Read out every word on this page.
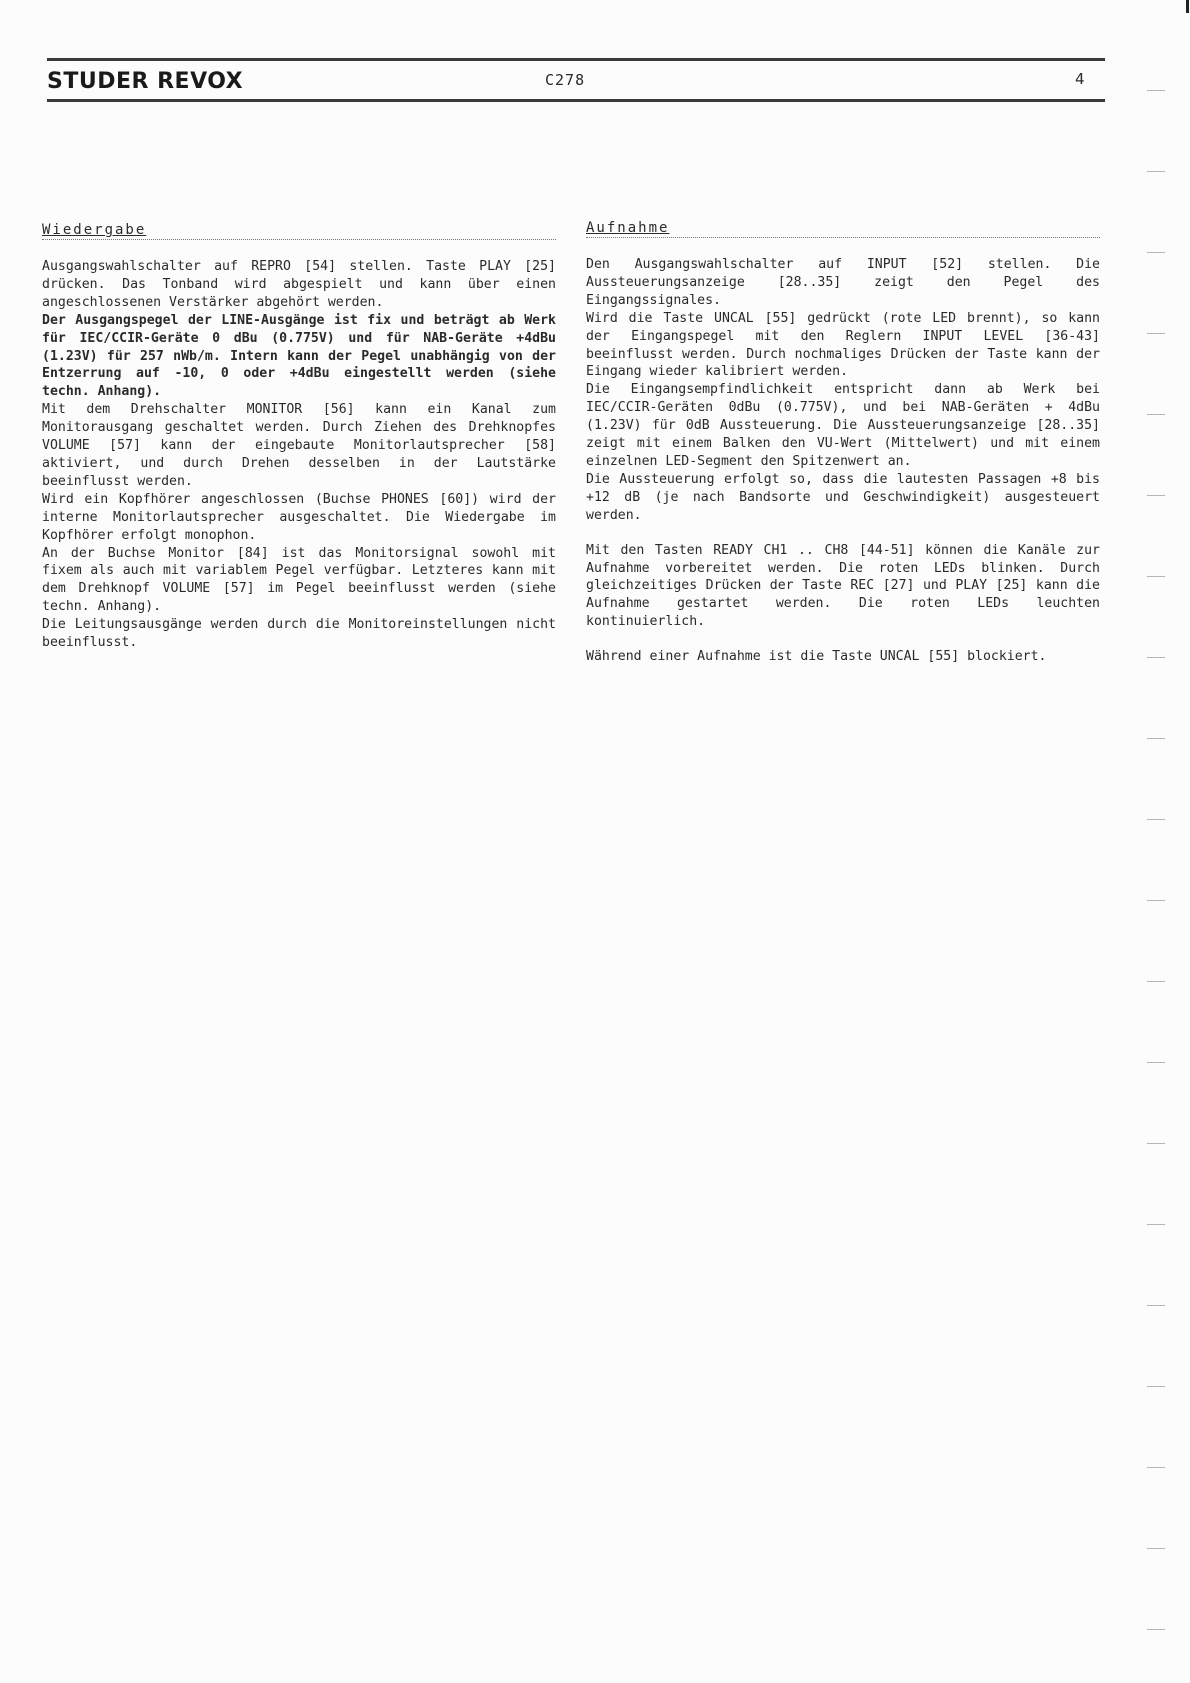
STUDER REVOX	C278	4
Wiedergabe

Ausgangswahlschalter auf REPRO [54] stellen. Taste PLAY [25] drücken. Das Tonband wird abgespielt und kann über einen angeschlossenen Verstärker abgehört werden.

Der Ausgangspegel der LINE-Ausgänge ist fix und beträgt ab Werk für IEC/CCIR-Geräte 0 dBu (0.775V) und für NAB-Geräte +4dBu (1.23V) für 257 nWb/m. Intern kann der Pegel unabhängig von der Entzerrung auf -10, 0 oder +4dBu eingestellt werden (siehe techn. Anhang).

Mit dem Drehschalter MONITOR [56] kann ein Kanal zum Monitorausgang geschaltet werden. Durch Ziehen des Drehknopfes VOLUME [57] kann der eingebaute Monitorlautsprecher [58] aktiviert, und durch Drehen desselben in der Lautstärke beeinflusst werden.

Wird ein Kopfhörer angeschlossen (Buchse PHONES [60]) wird der interne Monitorlautsprecher ausgeschaltet. Die Wiedergabe im Kopfhörer erfolgt monophon.

An der Buchse Monitor [84] ist das Monitorsignal sowohl mit fixem als auch mit variablem Pegel verfügbar. Letzteres kann mit dem Drehknopf VOLUME [57] im Pegel beeinflusst werden (siehe techn. Anhang).

Die Leitungsausgänge werden durch die Monitoreinstellungen nicht beeinflusst.

Aufnahme

Den Ausgangswahlschalter auf INPUT [52] stellen. Die Aussteuerungsanzeige [28..35] zeigt den Pegel des Eingangssignales.

Wird die Taste UNCAL [55] gedrückt (rote LED brennt), so kann der Eingangspegel mit den Reglern INPUT LEVEL [36-43] beeinflusst werden. Durch nochmaliges Drücken der Taste kann der Eingang wieder kalibriert werden.

Die Eingangsempfindlichkeit entspricht dann ab Werk bei IEC/CCIR-Geräten 0dBu (0.775V), und bei NAB-Geräten + 4dBu (1.23V) für 0dB Aussteuerung. Die Aussteuerungsanzeige [28..35] zeigt mit einem Balken den VU-Wert (Mittelwert) und mit einem einzelnen LED-Segment den Spitzenwert an.

Die Aussteuerung erfolgt so, dass die lautesten Passagen +8 bis +12 dB (je nach Bandsorte und Geschwindigkeit) ausgesteuert werden.

Mit den Tasten READY CH1 .. CH8 [44-51] können die Kanäle zur Aufnahme vorbereitet werden. Die roten LEDs blinken. Durch gleichzeitiges Drücken der Taste REC [27] und PLAY [25] kann die Aufnahme gestartet werden. Die roten LEDs leuchten kontinuierlich.

Während einer Aufnahme ist die Taste UNCAL [55] blockiert.
